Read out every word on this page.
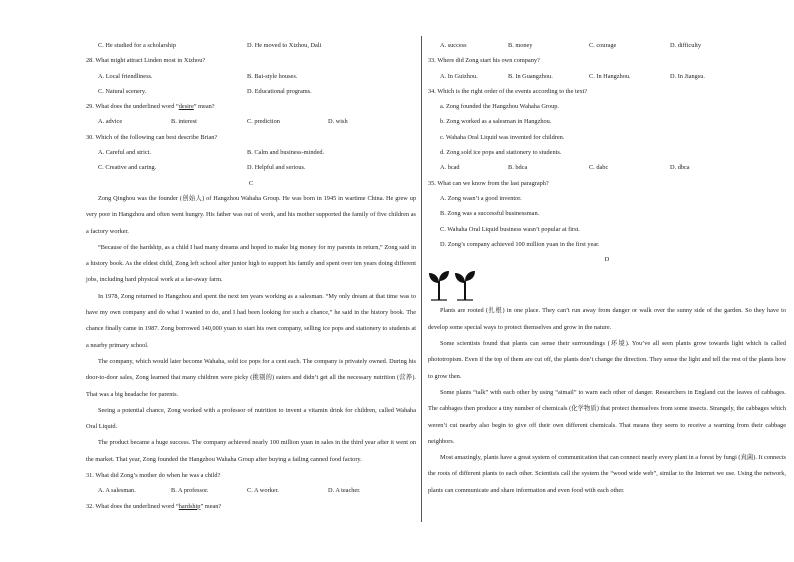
C. He studied for a scholarship	D. He moved to Xizhou, Dali
28. What might attract Linden most in Xizhou?
A. Local friendliness.	B. Bai-style houses.
C. Natural scenery.	D. Educational programs.
29. What does the underlined word “desire” mean?
A. advice	B. interest	C. prediction	D. wish
30. Which of the following can best describe Brian?
A. Careful and strict.	B. Calm and business-minded.
C. Creative and caring.	D. Helpful and serious.
C
Zong Qinghou was the founder (创始人) of Hangzhou Wahaha Group. He was born in 1945 in wartime China. He grew up very poor in Hangzhou and often went hungry. His father was out of work, and his mother supported the family of five children as a factory worker.
“Because of the hardship, as a child I had many dreams and hoped to make big money for my parents in return,” Zong said in a history book. As the eldest child, Zong left school after junior high to support his family and spent over ten years doing different jobs, including hard physical work at a far-away farm.
In 1978, Zong returned to Hangzhou and spent the next ten years working as a salesman. “My only dream at that time was to have my own company and do what I wanted to do, and I had been looking for such a chance,” he said in the history book. The chance finally came in 1987. Zong borrowed 140,000 yuan to start his own company, selling ice pops and stationery to students at a nearby primary school.
The company, which would later become Wahaha, sold ice pops for a cent each. The company is privately owned. During his door-to-door sales, Zong learned that many children were picky (挑剔的) eaters and didn’t get all the necessary nutrition (营养). That was a big headache for parents.
Seeing a potential chance, Zong worked with a professor of nutrition to invent a vitamin drink for children, called Wahaha Oral Liquid.
The product became a huge success. The company achieved nearly 100 million yuan in sales in the third year after it went on the market. That year, Zong founded the Hangzhou Wahaha Group after buying a failing canned food factory.
31. What did Zong’s mother do when he was a child?
A. A salesman.	B. A professor.	C. A worker.	D. A teacher.
32. What does the underlined word “hardship” mean?
A. success	B. money	C. courage	D. difficulty
33. Where did Zong start his own company?
A. In Guizhou.	B. In Guangzhou.	C. In Hangzhou.	D. In Jiangsu.
34. Which is the right order of the events according to the text?
a. Zong founded the Hangzhou Wahaha Group.
b. Zong worked as a salesman in Hangzhou.
c. Wahaha Oral Liquid was invented for children.
d. Zong sold ice pops and stationery to students.
A. bcad	B. bdca	C. dabc	D. dbca
35. What can we know from the last paragraph?
A. Zong wasn’t a good inventor.
B. Zong was a successful businessman.
C. Wahaha Oral Liquid business wasn’t popular at first.
D. Zong’s company achieved 100 million yuan in the first year.
D
Plants are rooted (扎根) in one place. They can’t run away from danger or walk over the sunny side of the garden. So they have to develop some special ways to protect themselves and grow in the nature.
Some scientists found that plants can sense their surroundings (环境). You’ve all seen plants grow towards light which is called phototropism. Even if the top of them are cut off, the plants don’t change the direction. They sense the light and tell the rest of the plants how to grow then.
Some plants “talk” with each other by using “aimail” to warn each other of danger. Researchers in England cut the leaves of cabbages. The cabbages then produce a tiny number of chemicals (化学物质) that protect themselves from some insects. Strangely, the cabbages which weren’t cut nearby also begin to give off their own different chemicals. That means they seem to receive a warning from their cabbage neighbors.
Most amazingly, plants have a great system of communication that can connect nearly every plant in a forest by fungi (真菌). It connects the roots of different plants to each other. Scientists call the system the “wood wide web”, similar to the Internet we use. Using the network, plants can communicate and share information and even food with each other.
